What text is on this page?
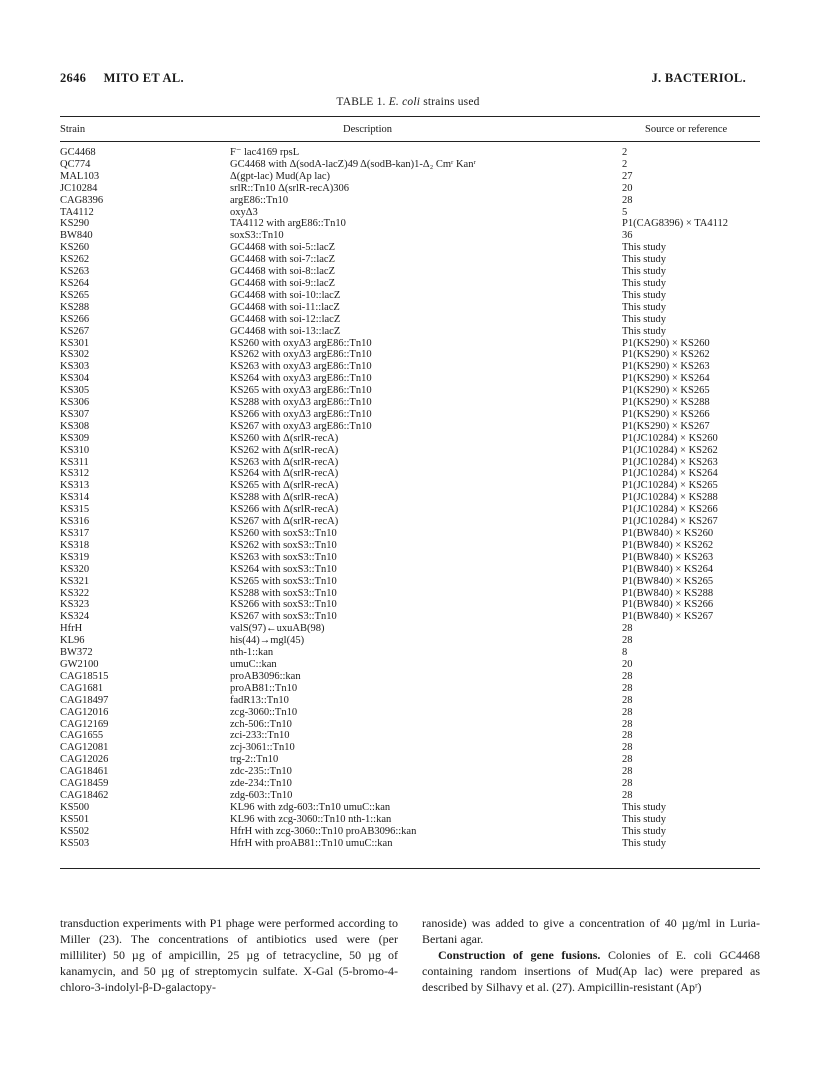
2646 MITO ET AL.	J. BACTERIOL.
TABLE 1. E. coli strains used
Strain	Description	Source or reference
GC4468	F⁻ lac4169 rpsL	2
QC774	GC4468 with Δ(sodA-lacZ)49 Δ(sodB-kan)1-Δ₂ Cmʳ Kanʳ	2
MAL103	Δ(gpt-lac) Mud(Ap lac)	27
JC10284	srlR::Tn10 Δ(srlR-recA)306	20
CAG8396	argE86::Tn10	28
TA4112	oxyΔ3	5
KS290	TA4112 with argE86::Tn10	P1(CAG8396) × TA4112
BW840	soxS3::Tn10	36
KS260	GC4468 with soi-5::lacZ	This study
KS262	GC4468 with soi-7::lacZ	This study
KS263	GC4468 with soi-8::lacZ	This study
KS264	GC4468 with soi-9::lacZ	This study
KS265	GC4468 with soi-10::lacZ	This study
KS288	GC4468 with soi-11::lacZ	This study
KS266	GC4468 with soi-12::lacZ	This study
KS267	GC4468 with soi-13::lacZ	This study
KS301	KS260 with oxyΔ3 argE86::Tn10	P1(KS290) × KS260
KS302	KS262 with oxyΔ3 argE86::Tn10	P1(KS290) × KS262
KS303	KS263 with oxyΔ3 argE86::Tn10	P1(KS290) × KS263
KS304	KS264 with oxyΔ3 argE86::Tn10	P1(KS290) × KS264
KS305	KS265 with oxyΔ3 argE86::Tn10	P1(KS290) × KS265
KS306	KS288 with oxyΔ3 argE86::Tn10	P1(KS290) × KS288
KS307	KS266 with oxyΔ3 argE86::Tn10	P1(KS290) × KS266
KS308	KS267 with oxyΔ3 argE86::Tn10	P1(KS290) × KS267
KS309	KS260 with Δ(srlR-recA)	P1(JC10284) × KS260
KS310	KS262 with Δ(srlR-recA)	P1(JC10284) × KS262
KS311	KS263 with Δ(srlR-recA)	P1(JC10284) × KS263
KS312	KS264 with Δ(srlR-recA)	P1(JC10284) × KS264
KS313	KS265 with Δ(srlR-recA)	P1(JC10284) × KS265
KS314	KS288 with Δ(srlR-recA)	P1(JC10284) × KS288
KS315	KS266 with Δ(srlR-recA)	P1(JC10284) × KS266
KS316	KS267 with Δ(srlR-recA)	P1(JC10284) × KS267
KS317	KS260 with soxS3::Tn10	P1(BW840) × KS260
KS318	KS262 with soxS3::Tn10	P1(BW840) × KS262
KS319	KS263 with soxS3::Tn10	P1(BW840) × KS263
KS320	KS264 with soxS3::Tn10	P1(BW840) × KS264
KS321	KS265 with soxS3::Tn10	P1(BW840) × KS265
KS322	KS288 with soxS3::Tn10	P1(BW840) × KS288
KS323	KS266 with soxS3::Tn10	P1(BW840) × KS266
KS324	KS267 with soxS3::Tn10	P1(BW840) × KS267
HfrH	valS(97)←uxuAB(98)	28
KL96	his(44)→mgl(45)	28
BW372	nth-1::kan	8
GW2100	umuC::kan	20
CAG18515	proAB3096::kan	28
CAG1681	proAB81::Tn10	28
CAG18497	fadR13::Tn10	28
CAG12016	zcg-3060::Tn10	28
CAG12169	zch-506::Tn10	28
CAG1655	zci-233::Tn10	28
CAG12081	zcj-3061::Tn10	28
CAG12026	trg-2::Tn10	28
CAG18461	zdc-235::Tn10	28
CAG18459	zde-234::Tn10	28
CAG18462	zdg-603::Tn10	28
KS500	KL96 with zdg-603::Tn10 umuC::kan	This study
KS501	KL96 with zcg-3060::Tn10 nth-1::kan	This study
KS502	HfrH with zcg-3060::Tn10 proAB3096::kan	This study
KS503	HfrH with proAB81::Tn10 umuC::kan	This study
transduction experiments with P1 phage were performed according to Miller (23). The concentrations of antibiotics used were (per milliliter) 50 µg of ampicillin, 25 µg of tetracycline, 50 µg of kanamycin, and 50 µg of streptomycin sulfate. X-Gal (5-bromo-4-chloro-3-indolyl-β-D-galactopy-
ranoside) was added to give a concentration of 40 µg/ml in Luria-Bertani agar.
Construction of gene fusions. Colonies of E. coli GC4468 containing random insertions of Mud(Ap lac) were prepared as described by Silhavy et al. (27). Ampicillin-resistant (Apʳ)
